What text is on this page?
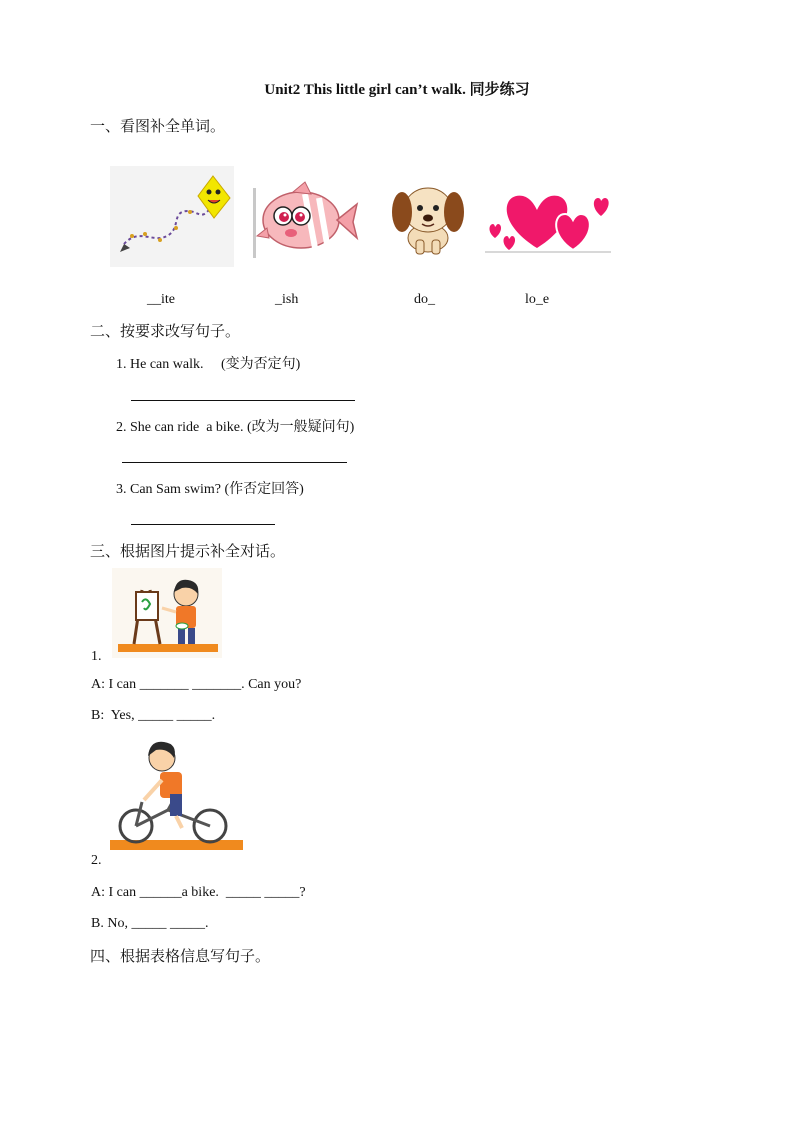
Unit2 This little girl can’t walk. 同步练习
一、看图补全单词。
__ite	_ish	do_	lo_e
二、按要求改写句子。
1. He can walk.     (变为否定句)
2. She can ride  a bike. (改为一般疑问句)
3. Can Sam swim? (作否定回答)
三、根据图片提示补全对话。
1.
A: I can _______ _______. Can you?
B:  Yes, _____ _____.
2.
A: I can ______a bike.  _____ _____?
B. No, _____ _____.
四、根据表格信息写句子。
